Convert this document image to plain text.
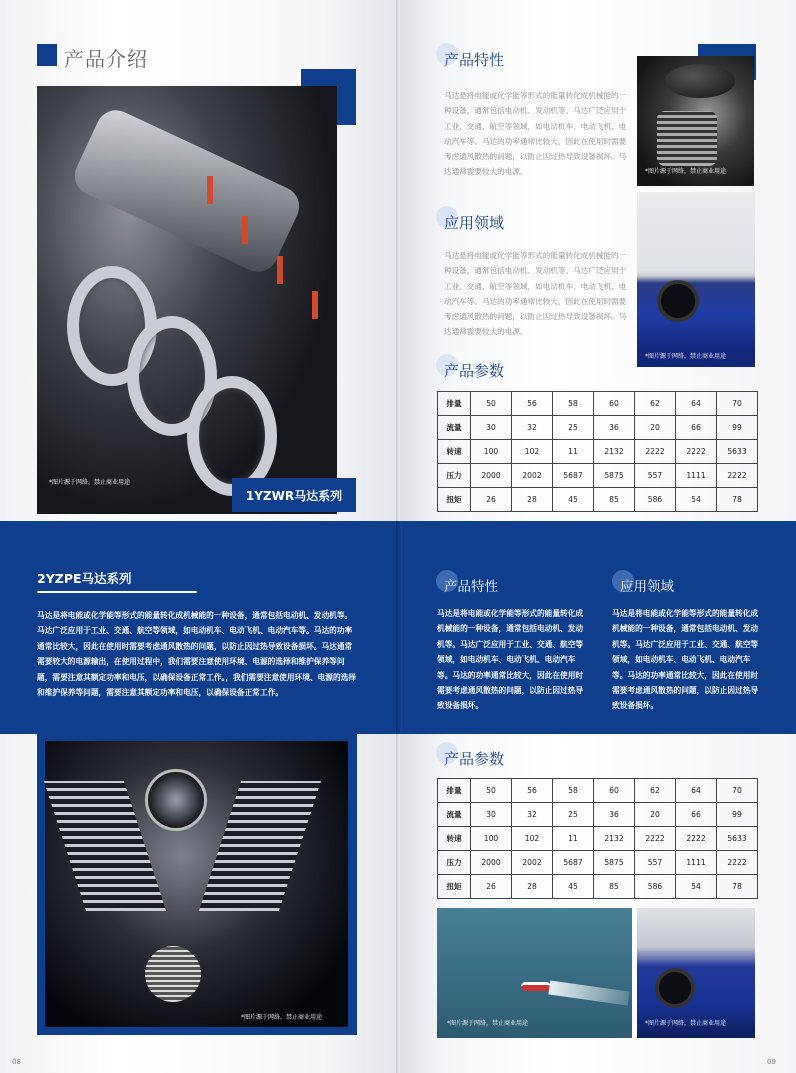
产品介绍
*图片源于网络，禁止商业用途
1YZWR马达系列
产品特性
马达是将电能或化学能等形式的能量转化成机械能的一种设备，通常包括电动机、发动机等。马达广泛应用于工业、交通、航空等领域，如电动机车、电动飞机、电动汽车等。马达的功率通常比较大，因此在使用时需要考虑通风散热的问题，以防止因过热导致设备损坏。马达通常需要较大的电源。	*图片源于网络，禁止商业用途
应用领域
马达是将电能或化学能等形式的能量转化成机械能的一种设备，通常包括电动机、发动机等。马达广泛应用于工业、交通、航空等领域，如电动机车、电动飞机、电动汽车等。马达的功率通常比较大，因此在使用时需要考虑通风散热的问题，以防止因过热导致设备损坏。马达通常需要较大的电源。
*图片源于网络，禁止商业用途
产品参数
排量	50	56	58	60	62	64	70
流量	30	32	25	36	20	66	99
转速	100	102	11	2132	2222	2222	5633
压力	2000	2002	5687	5875	557	1111	2222
扭矩	26	28	45	85	586	54	78
2YZPE马达系列
马达是将电能或化学能等形式的能量转化成机械能的一种设备，通常包括电动机、发动机等。马达广泛应用于工业、交通、航空等领域，如电动机车、电动飞机、电动汽车等。马达的功率通常比较大，因此在使用时需要考虑通风散热的问题，以防止因过热导致设备损坏。马达通常需要较大的电源输出，在使用过程中，我们需要注意使用环境、电源的选择和维护保养等问题，需要注意其额定功率和电压，以确保设备正常工作。，我们需要注意使用环境、电源的选择和维护保养等问题，需要注意其额定功率和电压，以确保设备正常工作。
产品特性
马达是将电能或化学能等形式的能量转化成机械能的一种设备，通常包括电动机、发动机等。马达广泛应用于工业、交通、航空等领域，如电动机车、电动飞机、电动汽车等。马达的功率通常比较大，因此在使用时需要考虑通风散热的问题，以防止因过热导致设备损坏。
应用领域
马达是将电能或化学能等形式的能量转化成机械能的一种设备，通常包括电动机、发动机等。马达广泛应用于工业、交通、航空等领域，如电动机车、电动飞机、电动汽车等。马达的功率通常比较大，因此在使用时需要考虑通风散热的问题，以防止因过热导致设备损坏。
*图片源于网络，禁止商业用途
产品参数
排量	50	56	58	60	62	64	70
流量	30	32	25	36	20	66	99
转速	100	102	11	2132	2222	2222	5633
压力	2000	2002	5687	5875	557	1111	2222
扭矩	26	28	45	85	586	54	78
*图片源于网络，禁止商业用途	*图片源于网络，禁止商业用途
08	09
